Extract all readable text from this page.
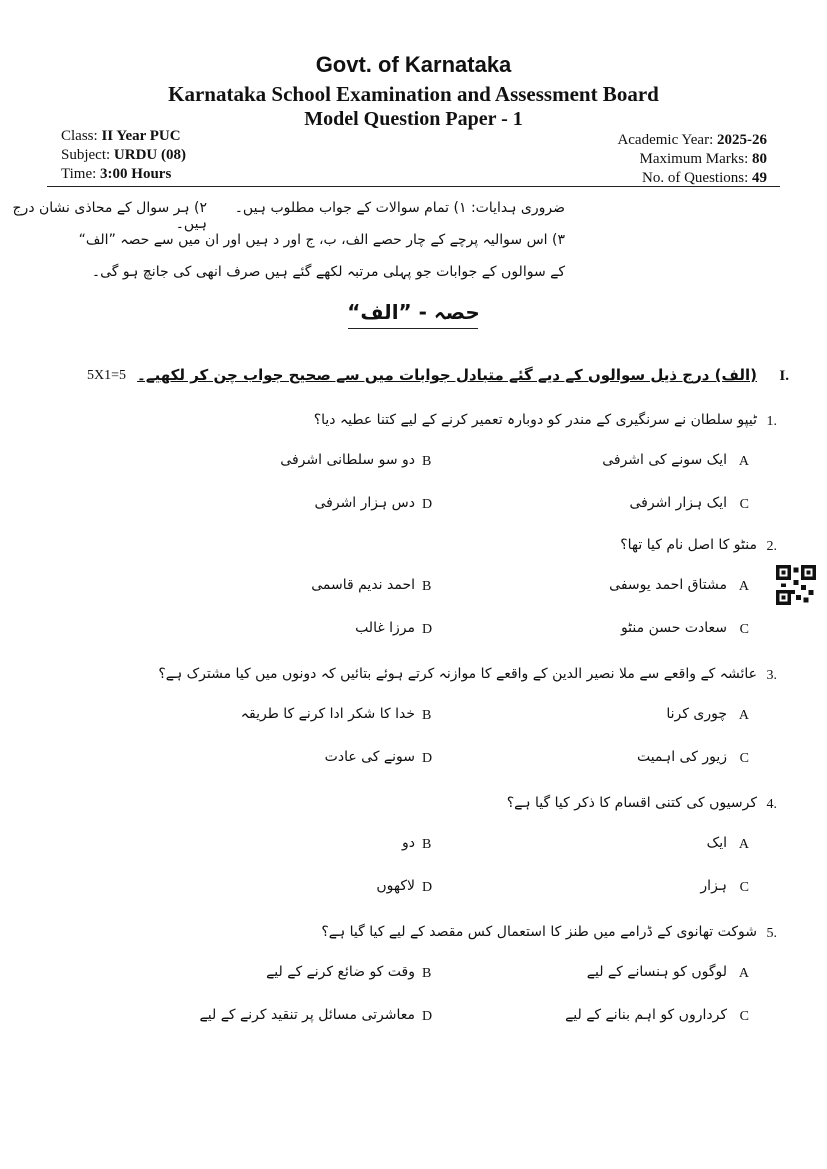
Govt. of Karnataka
Karnataka School Examination and Assessment Board
Model Question Paper - 1
Class: II Year PUC
Subject: URDU (08)
Time: 3:00 Hours
Academic Year: 2025-26
Maximum Marks: 80
No. of Questions: 49
ضروری ہدایات: ۱) تمام سوالات کے جواب مطلوب ہیں۔
۲) ہر سوال کے محاذی نشان درج ہیں۔
۳) اس سوالیہ پرچے کے چار حصے الف، ب، ج اور د ہیں اور ان میں سے حصہ ”الف“
کے سوالوں کے جوابات جو پہلی مرتبہ لکھے گئے ہیں صرف انھی کی جانچ ہو گی۔
حصہ - ”الف“
I.
(الف) درج ذیل سوالوں کے دیے گئے متبادل جوابات میں سے صحیح جواب چن کر لکھیے۔
5X1=5
1.
ٹیپو سلطان نے سرنگیری کے مندر کو دوبارہ تعمیر کرنے کے لیے کتنا عطیہ دیا؟
A
ایک سونے کی اشرفی
B
دو سو سلطانی اشرفی
C
ایک ہزار اشرفی
D
دس ہزار اشرفی
2.
منٹو کا اصل نام کیا تھا؟
A
مشتاق احمد یوسفی
B
احمد ندیم قاسمی
C
سعادت حسن منٹو
D
مرزا غالب
3.
عائشہ کے واقعے سے ملا نصیر الدین کے واقعے کا موازنہ کرتے ہوئے بتائیں کہ دونوں میں کیا مشترک ہے؟
A
چوری کرنا
B
خدا کا شکر ادا کرنے کا طریقہ
C
زیور کی اہمیت
D
سونے کی عادت
4.
کرسیوں کی کتنی اقسام کا ذکر کیا گیا ہے؟
A
ایک
B
دو
C
ہزار
D
لاکھوں
5.
شوکت تھانوی کے ڈرامے میں طنز کا استعمال کس مقصد کے لیے کیا گیا ہے؟
A
لوگوں کو ہنسانے کے لیے
B
وقت کو ضائع کرنے کے لیے
C
کرداروں کو اہم بنانے کے لیے
D
معاشرتی مسائل پر تنقید کرنے کے لیے
